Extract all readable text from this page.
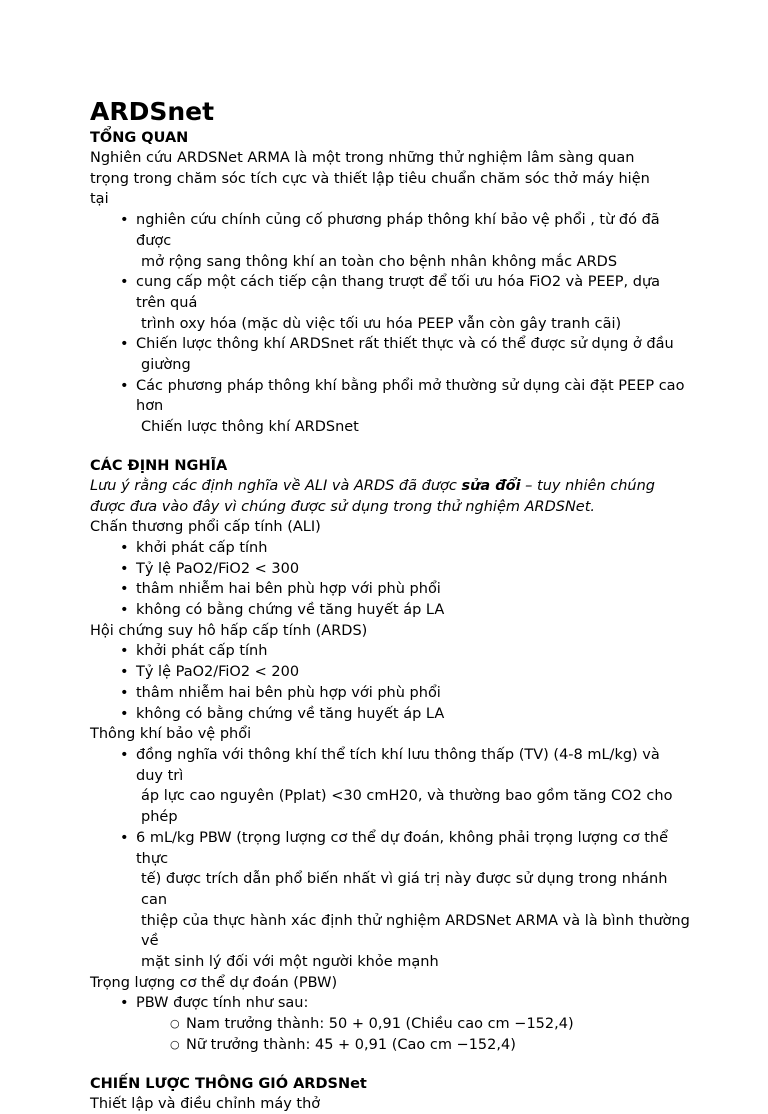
ARDSnet

TỔNG QUAN

Nghiên cứu ARDSNet ARMA là một trong những thử nghiệm lâm sàng quan trọng trong chăm sóc tích cực và thiết lập tiêu chuẩn chăm sóc thở máy hiện tại

• nghiên cứu chính củng cố phương pháp thông khí bảo vệ phổi , từ đó đã được
mở rộng sang thông khí an toàn cho bệnh nhân không mắc ARDS
• cung cấp một cách tiếp cận thang trượt để tối ưu hóa FiO2 và PEEP, dựa trên quá
trình oxy hóa (mặc dù việc tối ưu hóa PEEP vẫn còn gây tranh cãi)
• Chiến lược thông khí ARDSnet rất thiết thực và có thể được sử dụng ở đầu
giường
• Các phương pháp thông khí bằng phổi mở thường sử dụng cài đặt PEEP cao hơn
Chiến lược thông khí ARDSnet

CÁC ĐỊNH NGHĨA

Lưu ý rằng các định nghĩa về ALI và ARDS đã được sửa đổi – tuy nhiên chúng được đưa vào đây vì chúng được sử dụng trong thử nghiệm ARDSNet.

Chấn thương phổi cấp tính (ALI)

• khởi phát cấp tính
• Tỷ lệ PaO2/FiO2 < 300
• thâm nhiễm hai bên phù hợp với phù phổi
• không có bằng chứng về tăng huyết áp LA

Hội chứng suy hô hấp cấp tính (ARDS)

• khởi phát cấp tính
• Tỷ lệ PaO2/FiO2 < 200
• thâm nhiễm hai bên phù hợp với phù phổi
• không có bằng chứng về tăng huyết áp LA

Thông khí bảo vệ phổi

• đồng nghĩa với thông khí thể tích khí lưu thông thấp (TV) (4-8 mL/kg) và duy trì
áp lực cao nguyên (Pplat) <30 cmH20, và thường bao gồm tăng CO2 cho phép
• 6 mL/kg PBW (trọng lượng cơ thể dự đoán, không phải trọng lượng cơ thể thực
tế) được trích dẫn phổ biến nhất vì giá trị này được sử dụng trong nhánh can
thiệp của thực hành xác định thử nghiệm ARDSNet ARMA và là bình thường về
mặt sinh lý đối với một người khỏe mạnh

Trọng lượng cơ thể dự đoán (PBW)

• PBW được tính như sau:
○ Nam trưởng thành: 50 + 0,91 (Chiều cao cm −152,4)
○ Nữ trưởng thành: 45 + 0,91 (Cao cm −152,4)

CHIẾN LƯỢC THÔNG GIÓ ARDSNet

Thiết lập và điều chỉnh máy thở
